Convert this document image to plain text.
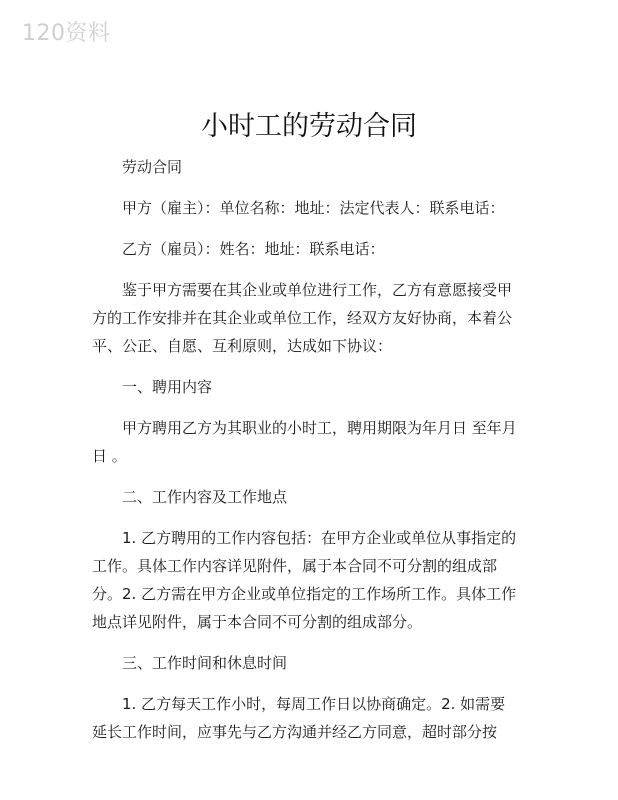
120资料
小时工的劳动合同

劳动合同

甲方（雇主）：单位名称：地址：法定代表人：联系电话：

乙方（雇员）：姓名：地址：联系电话：

鉴于甲方需要在其企业或单位进行工作，乙方有意愿接受甲方的工作安排并在其企业或单位工作，经双方友好协商，本着公平、公正、自愿、互利原则，达成如下协议：

一、聘用内容

甲方聘用乙方为其职业的小时工，聘用期限为年月日 至年月日 。

二、工作内容及工作地点

1. 乙方聘用的工作内容包括：在甲方企业或单位从事指定的工作。具体工作内容详见附件，属于本合同不可分割的组成部分。2. 乙方需在甲方企业或单位指定的工作场所工作。具体工作地点详见附件，属于本合同不可分割的组成部分。

三、工作时间和休息时间

1. 乙方每天工作小时，每周工作日以协商确定。2. 如需要延长工作时间，应事先与乙方沟通并经乙方同意，超时部分按
